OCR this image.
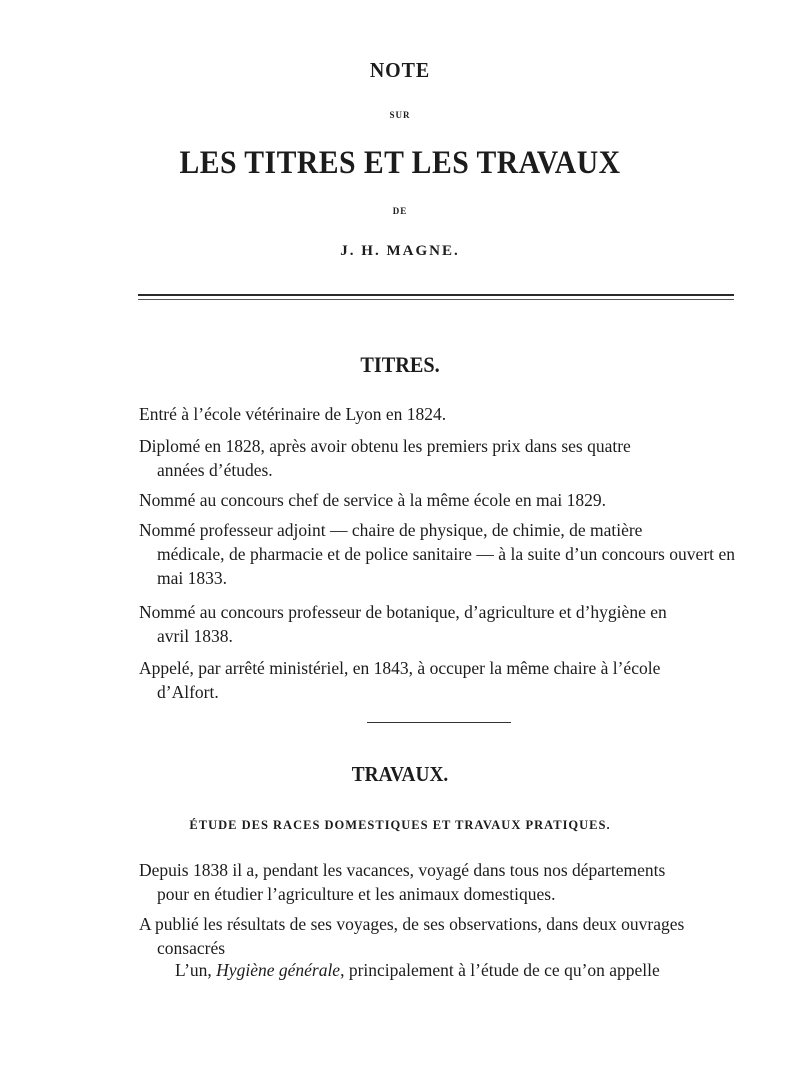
NOTE
SUR
LES TITRES ET LES TRAVAUX
DE
J. H. MAGNE.
TITRES.
Entré à l’école vétérinaire de Lyon en 1824.
Diplomé en 1828, après avoir obtenu les premiers prix dans ses quatre
années d’études.
Nommé au concours chef de service à la même école en mai 1829.
Nommé professeur adjoint — chaire de physique, de chimie, de matière
médicale, de pharmacie et de police sanitaire — à la suite d’un concours ouvert en mai 1833.
Nommé au concours professeur de botanique, d’agriculture et d’hygiène en
avril 1838.
Appelé, par arrêté ministériel, en 1843, à occuper la même chaire à l’école
d’Alfort.
TRAVAUX.
ÉTUDE DES RACES DOMESTIQUES ET TRAVAUX PRATIQUES.
Depuis 1838 il a, pendant les vacances, voyagé dans tous nos départements
pour en étudier l’agriculture et les animaux domestiques.
A publié les résultats de ses voyages, de ses observations, dans deux ouvrages
consacrés
L’un, Hygiène générale, principalement à l’étude de ce qu’on appelle
